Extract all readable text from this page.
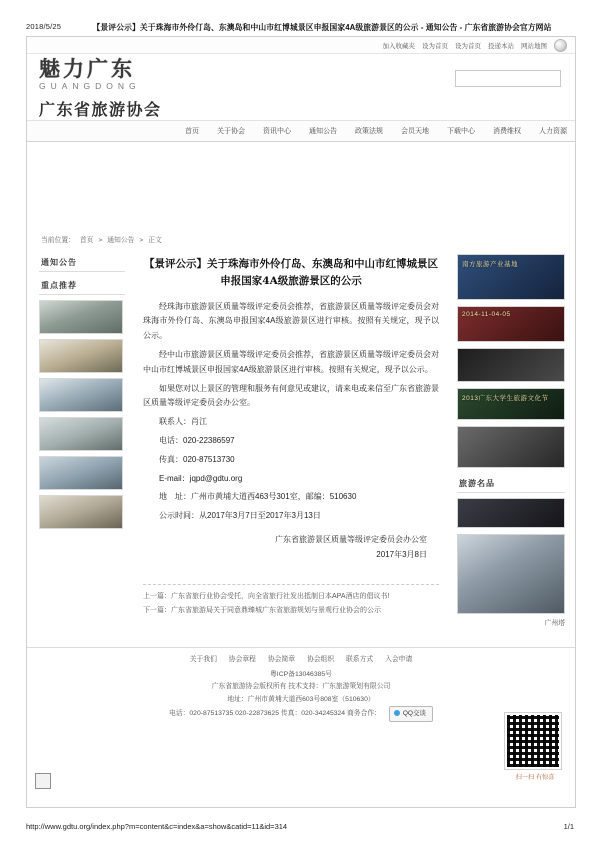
2018/5/25	【景评公示】关于珠海市外伶仃岛、东澳岛和中山市红博城景区申报国家4A级旅游景区的公示 - 通知公告 - 广东省旅游协会官方网站
加入收藏夹 设为首页 设为首页 投递本站 网站地图
魅力广东
GUANGDONG
广东省旅游协会
首页	关于协会	资讯中心	通知公告	政策法规	会员天地	下载中心	消费维权	人力资源
当前位置： 首页 > 通知公告 > 正文
通知公告
重点推荐
【景评公示】关于珠海市外伶仃岛、东澳岛和中山市红博城景区申报国家4A级旅游景区的公示

经珠海市旅游景区质量等级评定委员会推荐，省旅游景区质量等级评定委员会对珠海市外伶仃岛、东澳岛申报国家4A级旅游景区进行审核。按照有关规定，现予以公示。

经中山市旅游景区质量等级评定委员会推荐，省旅游景区质量等级评定委员会对中山市红博城景区申报国家4A级旅游景区进行审核。按照有关规定，现予以公示。

如果您对以上景区的管理和服务有何意见或建议，请来电或来信至广东省旅游景区质量等级评定委员会办公室。

联系人：肖江

电话：020-22386597

传真：020-87513730

E-mail：jqpd@gdtu.org

地　址：广州市黄埔大道西463号301室，邮编：510630

公示时间：从2017年3月7日至2017年3月13日

广东省旅游景区质量等级评定委员会办公室
2017年3月8日
上一篇：广东省旅行业协会受托，向全省旅行社发出抵制日本APA酒店的倡议书!
下一篇：广东省旅游局关于同意鼎臻城广东省旅游规划与景观行业协会的公示
南方旅游产业基地
2014-11-04-05
2013广东大学生旅游文化节
旅游名品
广州塔
关于我们 协会章程 协会简章 协会组织 联系方式 入会申请
粤ICP备13046385号
广东省旅游协会版权所有 技术支持：广东旅游策划有限公司
地址：广州市黄埔大道西603号808室（510630）
电话：020-87513735 020-22873625 传真：020-34245324 商务合作：	QQ交谈
扫一扫 有惊喜
http://www.gdtu.org/index.php?m=content&c=index&a=show&catid=11&id=314	1/1
